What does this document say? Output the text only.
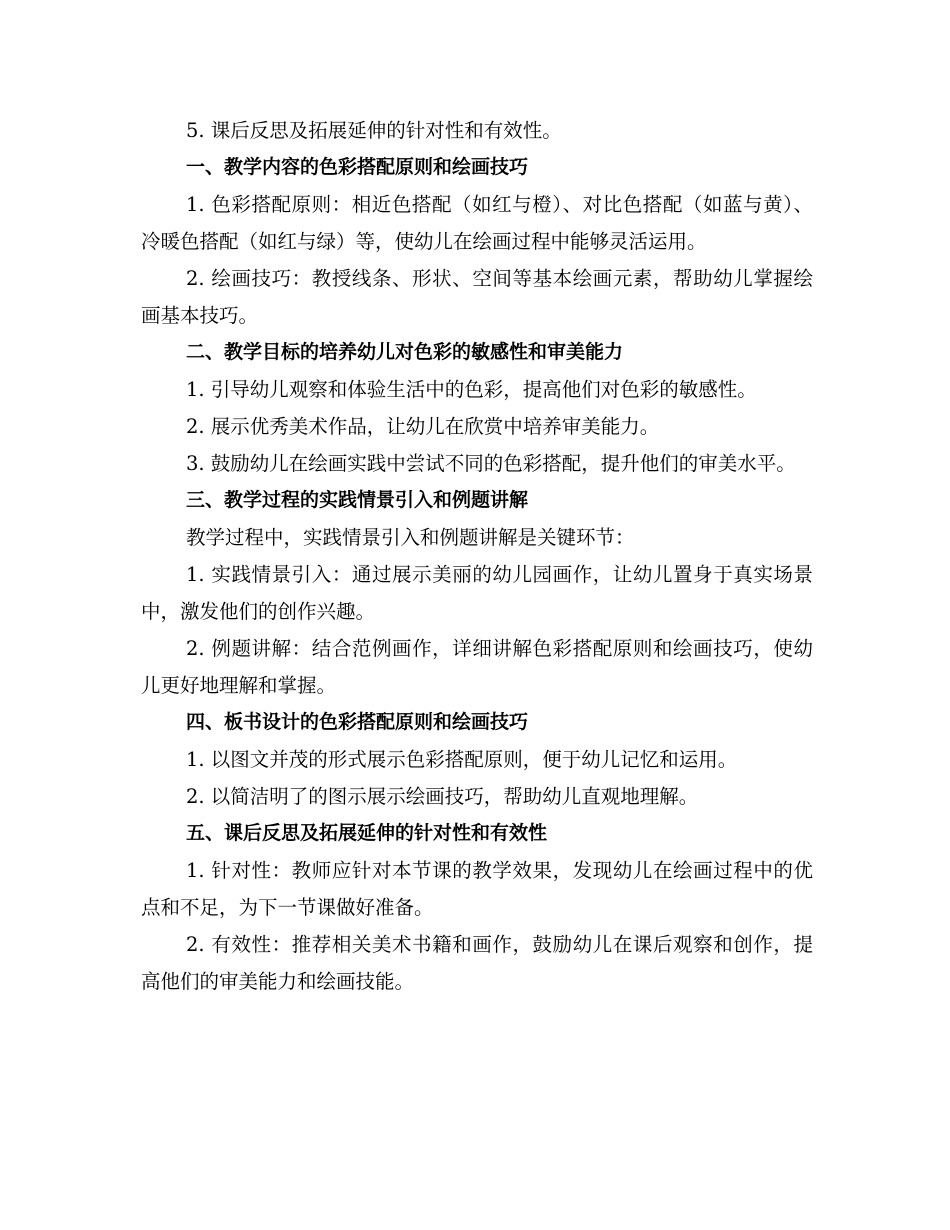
5. 课后反思及拓展延伸的针对性和有效性。

一、教学内容的色彩搭配原则和绘画技巧

1. 色彩搭配原则：相近色搭配（如红与橙）、对比色搭配（如蓝与黄）、冷暖色搭配（如红与绿）等，使幼儿在绘画过程中能够灵活运用。

2. 绘画技巧：教授线条、形状、空间等基本绘画元素，帮助幼儿掌握绘画基本技巧。

二、教学目标的培养幼儿对色彩的敏感性和审美能力

1. 引导幼儿观察和体验生活中的色彩，提高他们对色彩的敏感性。

2. 展示优秀美术作品，让幼儿在欣赏中培养审美能力。

3. 鼓励幼儿在绘画实践中尝试不同的色彩搭配，提升他们的审美水平。

三、教学过程的实践情景引入和例题讲解

教学过程中，实践情景引入和例题讲解是关键环节：

1. 实践情景引入：通过展示美丽的幼儿园画作，让幼儿置身于真实场景中，激发他们的创作兴趣。

2. 例题讲解：结合范例画作，详细讲解色彩搭配原则和绘画技巧，使幼儿更好地理解和掌握。

四、板书设计的色彩搭配原则和绘画技巧

1. 以图文并茂的形式展示色彩搭配原则，便于幼儿记忆和运用。

2. 以简洁明了的图示展示绘画技巧，帮助幼儿直观地理解。

五、课后反思及拓展延伸的针对性和有效性

1. 针对性：教师应针对本节课的教学效果，发现幼儿在绘画过程中的优点和不足，为下一节课做好准备。

2. 有效性：推荐相关美术书籍和画作，鼓励幼儿在课后观察和创作，提高他们的审美能力和绘画技能。
